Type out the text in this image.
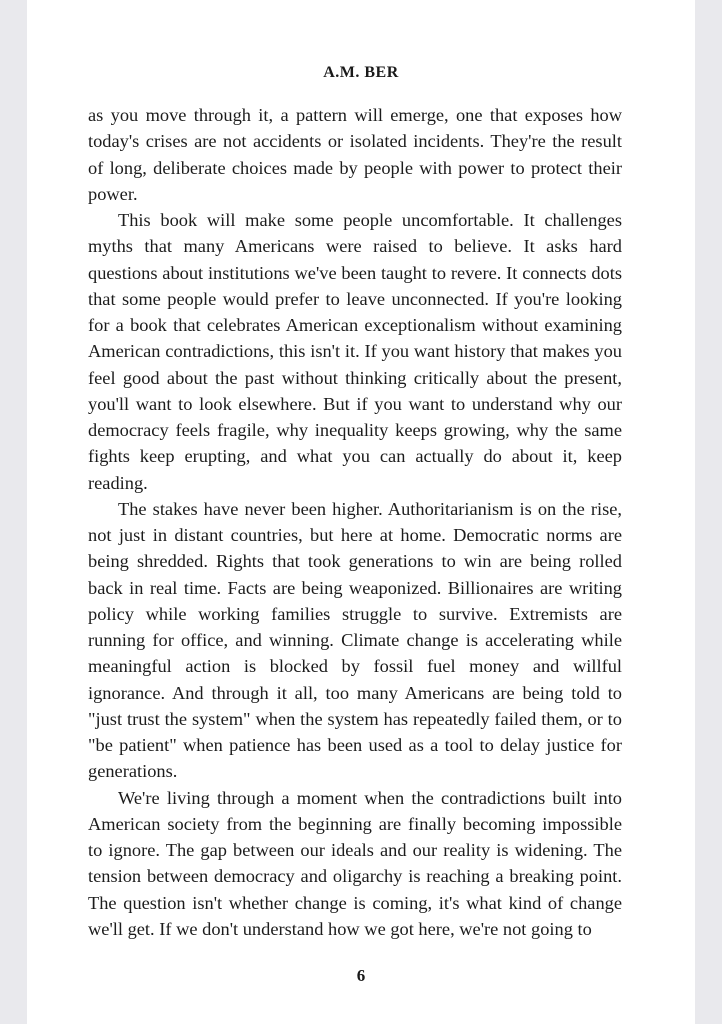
A.M. BER

as you move through it, a pattern will emerge, one that exposes how today's crises are not accidents or isolated incidents. They're the result of long, deliberate choices made by people with power to protect their power.

This book will make some people uncomfortable. It challenges myths that many Americans were raised to believe. It asks hard questions about institutions we've been taught to revere. It connects dots that some people would prefer to leave unconnected. If you're looking for a book that celebrates American exceptionalism without examining American contradictions, this isn't it. If you want history that makes you feel good about the past without thinking critically about the present, you'll want to look elsewhere. But if you want to understand why our democracy feels fragile, why inequality keeps growing, why the same fights keep erupting, and what you can actually do about it, keep reading.

The stakes have never been higher. Authoritarianism is on the rise, not just in distant countries, but here at home. Democratic norms are being shredded. Rights that took generations to win are being rolled back in real time. Facts are being weaponized. Billionaires are writing policy while working families struggle to survive. Extremists are running for office, and winning. Climate change is accelerating while meaningful action is blocked by fossil fuel money and willful ignorance. And through it all, too many Americans are being told to "just trust the system" when the system has repeatedly failed them, or to "be patient" when patience has been used as a tool to delay justice for generations.

We're living through a moment when the contradictions built into American society from the beginning are finally becoming impossible to ignore. The gap between our ideals and our reality is widening. The tension between democracy and oligarchy is reaching a breaking point. The question isn't whether change is coming, it's what kind of change we'll get. If we don't understand how we got here, we're not going to

6
